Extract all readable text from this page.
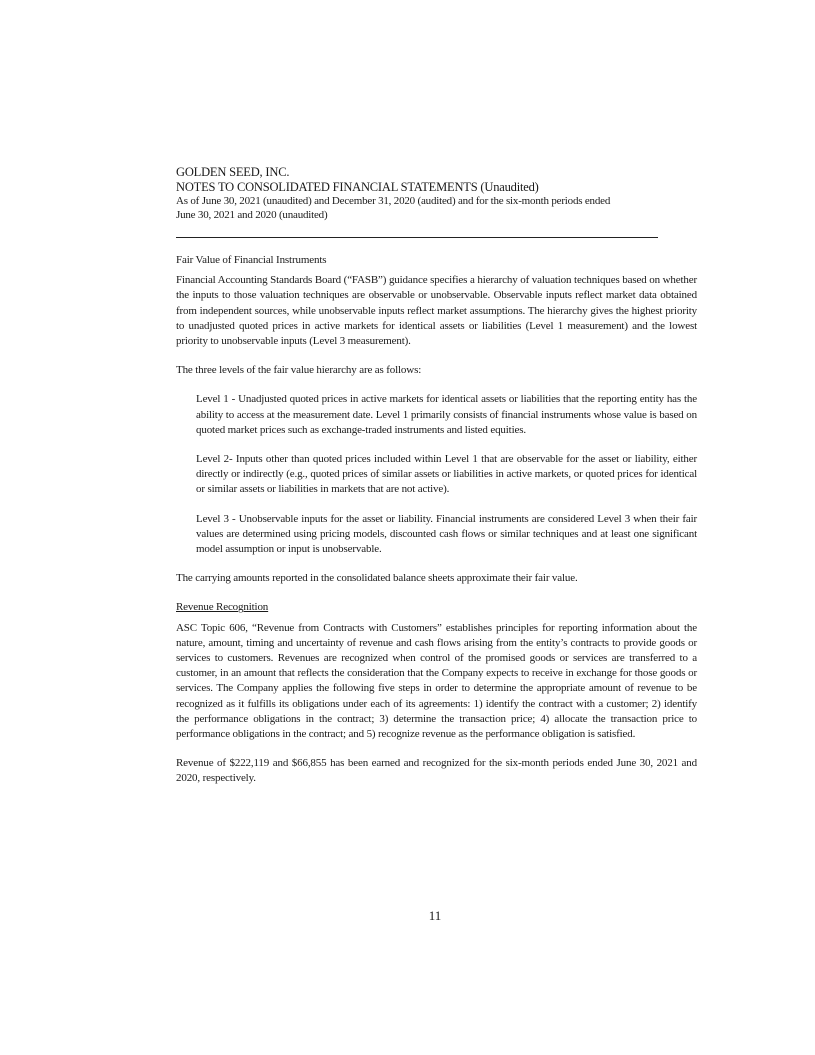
GOLDEN SEED, INC.
NOTES TO CONSOLIDATED FINANCIAL STATEMENTS (Unaudited)
As of June 30, 2021 (unaudited) and December 31, 2020 (audited) and for the six-month periods ended
June 30, 2021 and 2020 (unaudited)
Fair Value of Financial Instruments

Financial Accounting Standards Board (“FASB”) guidance specifies a hierarchy of valuation techniques based on whether the inputs to those valuation techniques are observable or unobservable. Observable inputs reflect market data obtained from independent sources, while unobservable inputs reflect market assumptions. The hierarchy gives the highest priority to unadjusted quoted prices in active markets for identical assets or liabilities (Level 1 measurement) and the lowest priority to unobservable inputs (Level 3 measurement).

The three levels of the fair value hierarchy are as follows:

Level 1 - Unadjusted quoted prices in active markets for identical assets or liabilities that the reporting entity has the ability to access at the measurement date. Level 1 primarily consists of financial instruments whose value is based on quoted market prices such as exchange-traded instruments and listed equities.

Level 2- Inputs other than quoted prices included within Level 1 that are observable for the asset or liability, either directly or indirectly (e.g., quoted prices of similar assets or liabilities in active markets, or quoted prices for identical or similar assets or liabilities in markets that are not active).

Level 3 - Unobservable inputs for the asset or liability. Financial instruments are considered Level 3 when their fair values are determined using pricing models, discounted cash flows or similar techniques and at least one significant model assumption or input is unobservable.

The carrying amounts reported in the consolidated balance sheets approximate their fair value.

Revenue Recognition

ASC Topic 606, “Revenue from Contracts with Customers” establishes principles for reporting information about the nature, amount, timing and uncertainty of revenue and cash flows arising from the entity’s contracts to provide goods or services to customers. Revenues are recognized when control of the promised goods or services are transferred to a customer, in an amount that reflects the consideration that the Company expects to receive in exchange for those goods or services. The Company applies the following five steps in order to determine the appropriate amount of revenue to be recognized as it fulfills its obligations under each of its agreements: 1) identify the contract with a customer; 2) identify the performance obligations in the contract; 3) determine the transaction price; 4) allocate the transaction price to performance obligations in the contract; and 5) recognize revenue as the performance obligation is satisfied.

Revenue of $222,119 and $66,855 has been earned and recognized for the six-month periods ended June 30, 2021 and 2020, respectively.

11
